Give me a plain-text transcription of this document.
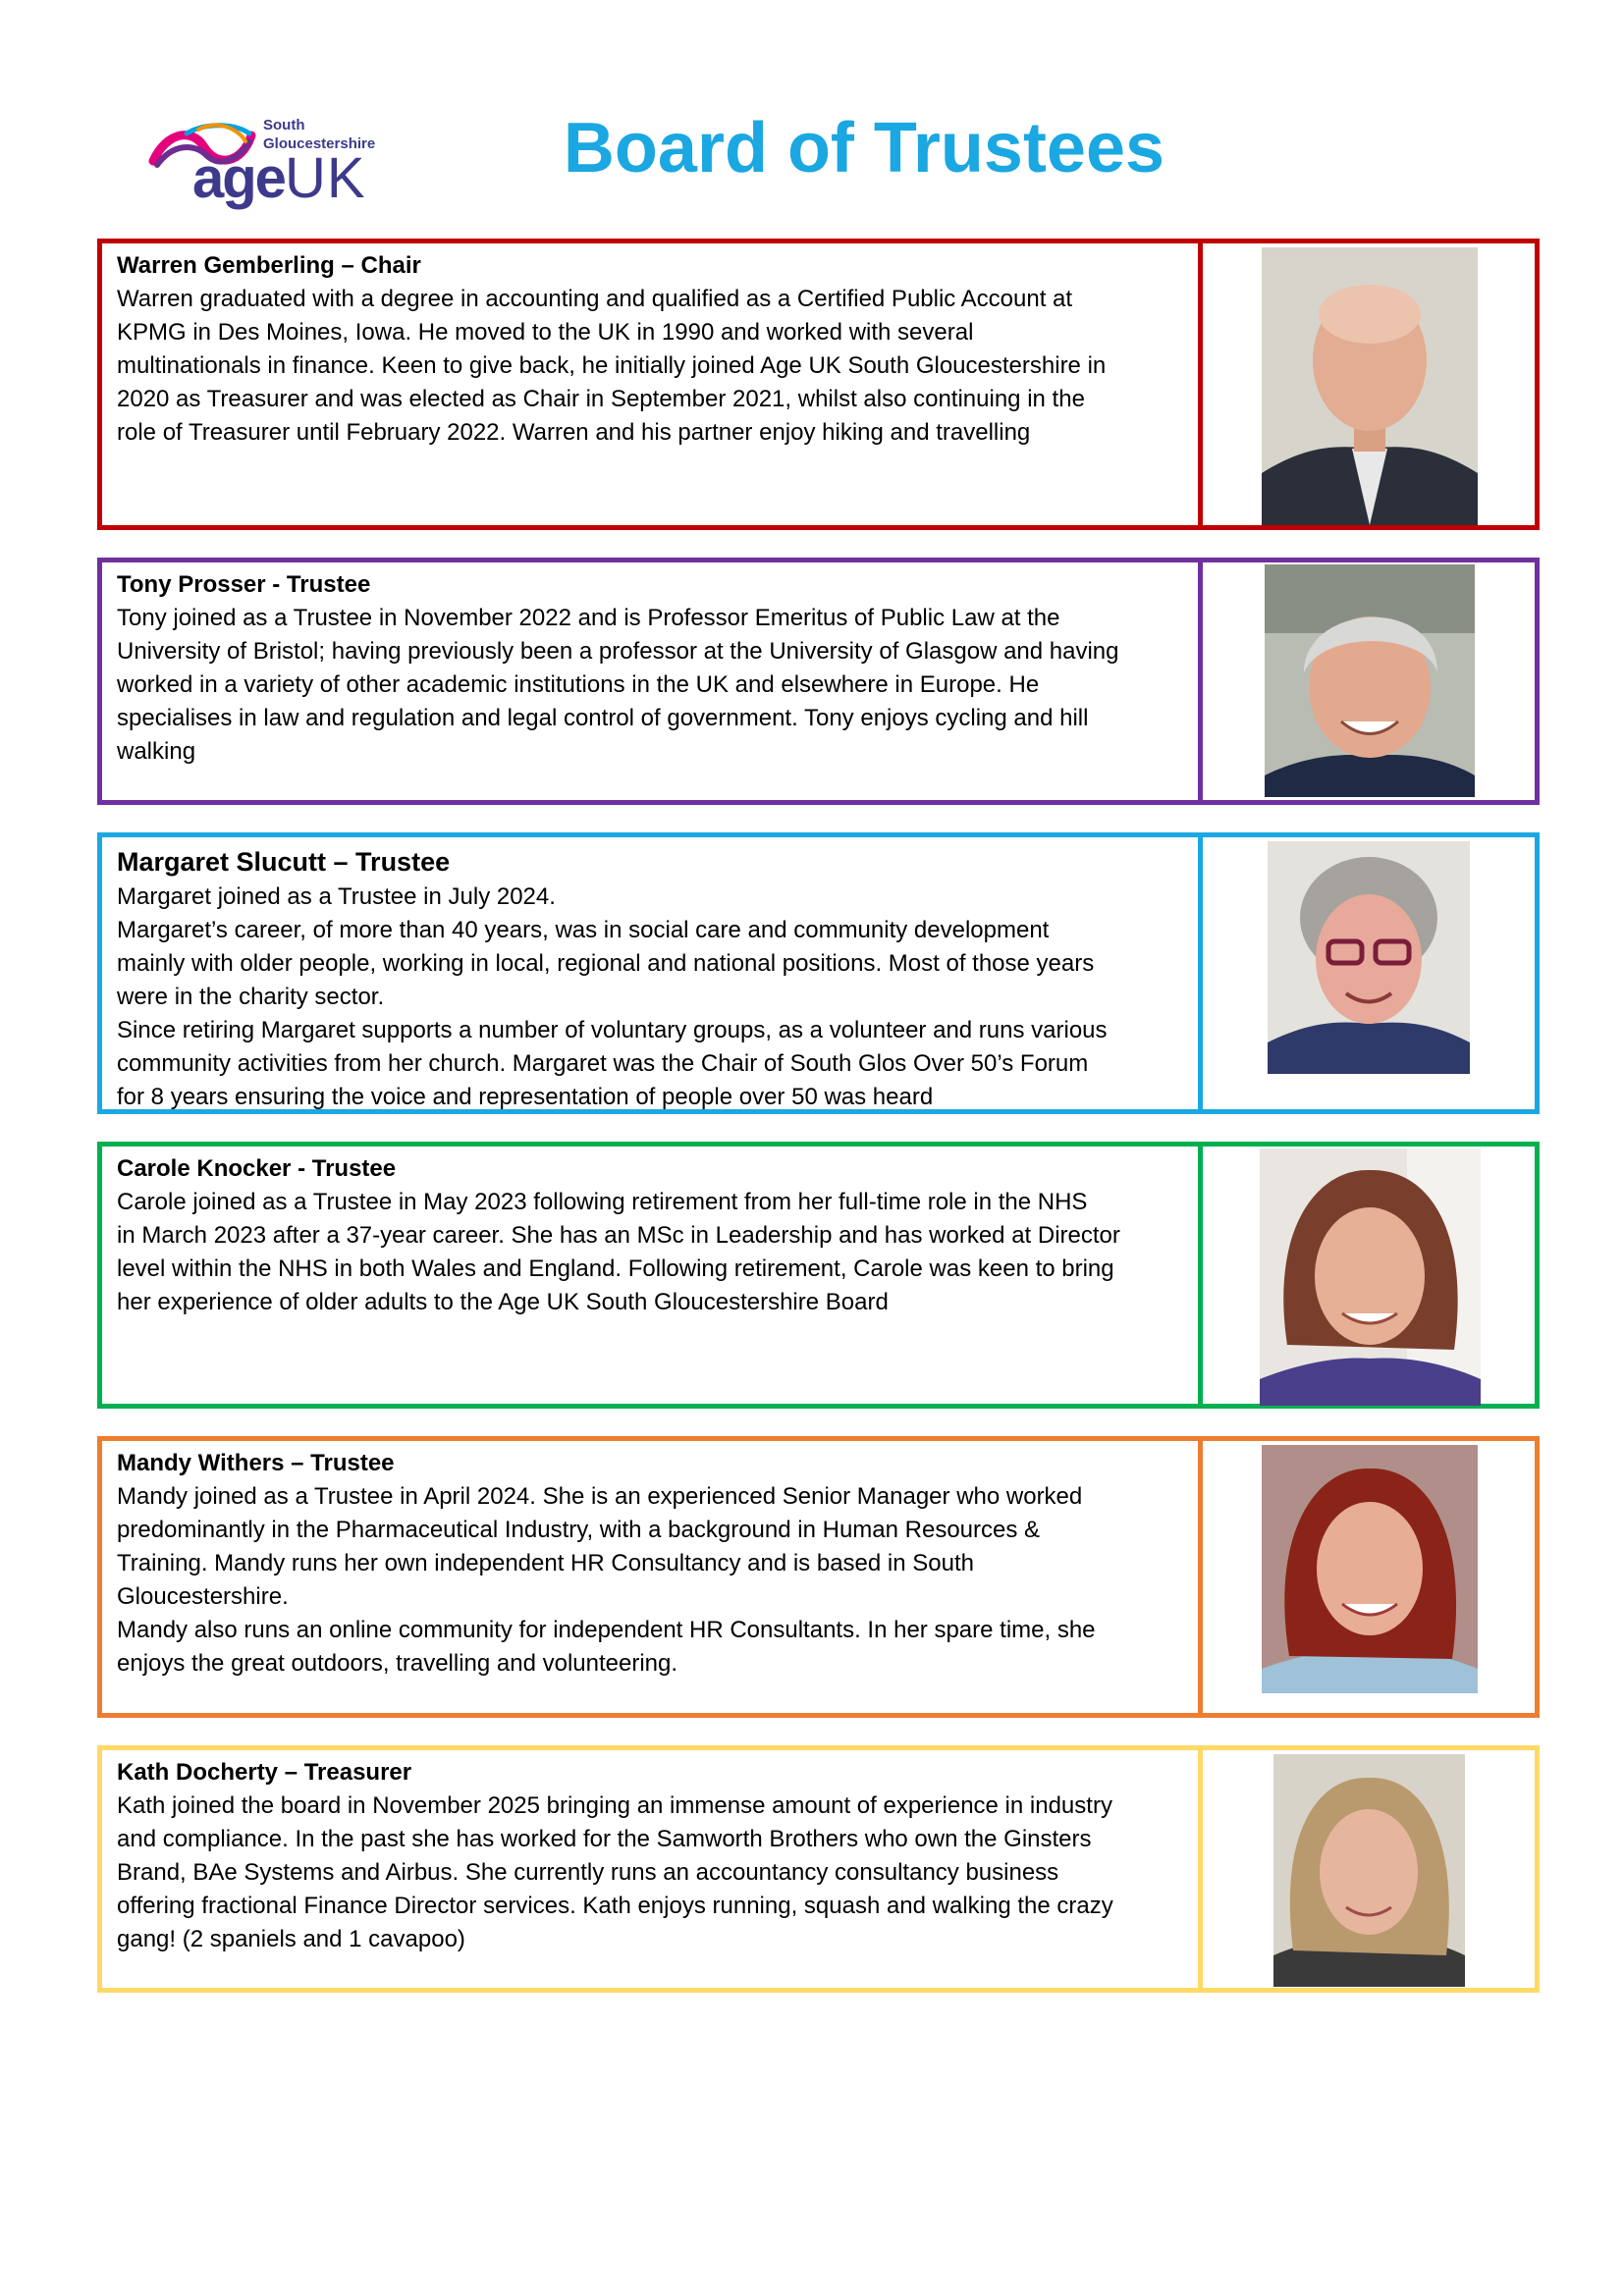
South
Gloucestershire
ageUK	Board of Trustees
Warren Gemberling – Chair
Warren graduated with a degree in accounting and qualified as a Certified Public Account at
KPMG in Des Moines, Iowa. He moved to the UK in 1990 and worked with several
multinationals in finance. Keen to give back, he initially joined Age UK South Gloucestershire in
2020 as Treasurer and was elected as Chair in September 2021, whilst also continuing in the
role of Treasurer until February 2022. Warren and his partner enjoy hiking and travelling
Tony Prosser - Trustee
Tony joined as a Trustee in November 2022 and is Professor Emeritus of Public Law at the
University of Bristol; having previously been a professor at the University of Glasgow and having
worked in a variety of other academic institutions in the UK and elsewhere in Europe. He
specialises in law and regulation and legal control of government. Tony enjoys cycling and hill
walking
Margaret Slucutt – Trustee
Margaret joined as a Trustee in July 2024.
Margaret’s career, of more than 40 years, was in social care and community development
mainly with older people, working in local, regional and national positions. Most of those years
were in the charity sector.
Since retiring Margaret supports a number of voluntary groups, as a volunteer and runs various
community activities from her church. Margaret was the Chair of South Glos Over 50’s Forum
for 8 years ensuring the voice and representation of people over 50 was heard
Carole Knocker - Trustee
Carole joined as a Trustee in May 2023 following retirement from her full-time role in the NHS
in March 2023 after a 37-year career. She has an MSc in Leadership and has worked at Director
level within the NHS in both Wales and England. Following retirement, Carole was keen to bring
her experience of older adults to the Age UK South Gloucestershire Board
Mandy Withers – Trustee
Mandy joined as a Trustee in April 2024. She is an experienced Senior Manager who worked
predominantly in the Pharmaceutical Industry, with a background in Human Resources &
Training. Mandy runs her own independent HR Consultancy and is based in South
Gloucestershire.
Mandy also runs an online community for independent HR Consultants. In her spare time, she
enjoys the great outdoors, travelling and volunteering.
Kath Docherty – Treasurer
Kath joined the board in November 2025 bringing an immense amount of experience in industry
and compliance. In the past she has worked for the Samworth Brothers who own the Ginsters
Brand, BAe Systems and Airbus. She currently runs an accountancy consultancy business
offering fractional Finance Director services. Kath enjoys running, squash and walking the crazy
gang! (2 spaniels and 1 cavapoo)
